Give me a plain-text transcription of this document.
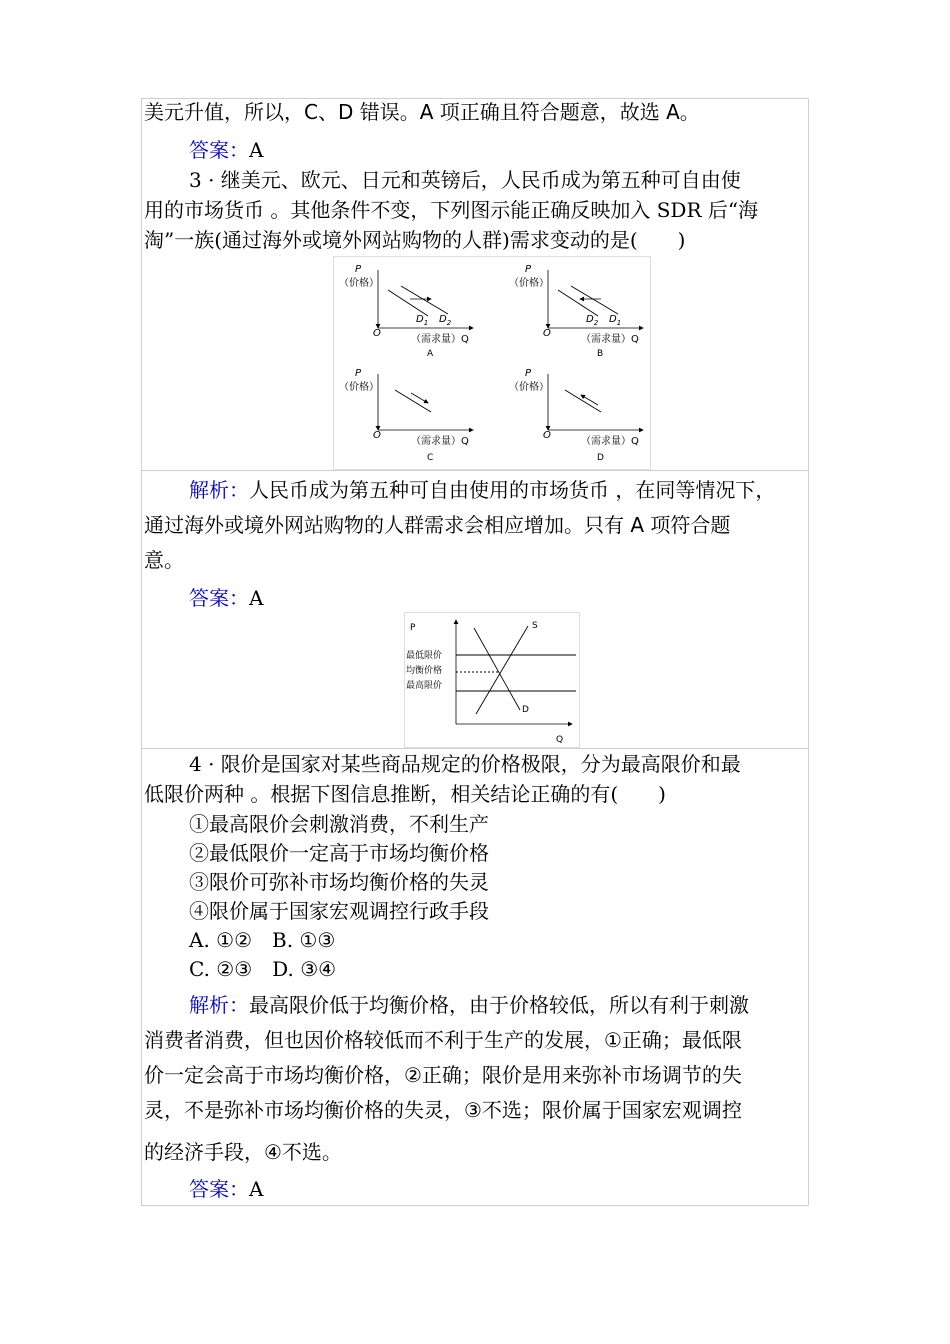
美元升值，所以，C、D 错误。A 项正确且符合题意，故选 A。
答案：A
3 · 继美元、欧元、日元和英镑后，人民币成为第五种可自由使
用的市场货币 。其他条件不变，下列图示能正确反映加入 SDR 后“海
淘”一族(通过海外或境外网站购物的人群)需求变动的是(　　)
P
（价格）
O
（需求量）Q
$D_1$ $D_2$
A
P
（价格）
O
（需求量）Q
$D_2$ $D_1$
B
P
（价格）
O
（需求量）Q
C
P
（价格）
O
（需求量）Q
D
解析：人民币成为第五种可自由使用的市场货币 ，在同等情况下，
通过海外或境外网站购物的人群需求会相应增加。只有 A 项符合题
意。
答案：A
P	S
D
Q
最低限价
均衡价格
最高限价
4 · 限价是国家对某些商品规定的价格极限，分为最高限价和最
低限价两种 。根据下图信息推断，相关结论正确的有(　　)
①最高限价会刺激消费，不利生产
②最低限价一定高于市场均衡价格
③限价可弥补市场均衡价格的失灵
④限价属于国家宏观调控行政手段
A. ①②　B. ①③
C. ②③　D. ③④
解析：最高限价低于均衡价格，由于价格较低，所以有利于刺激
消费者消费，但也因价格较低而不利于生产的发展，①正确；最低限
价一定会高于市场均衡价格，②正确；限价是用来弥补市场调节的失
灵，不是弥补市场均衡价格的失灵，③不选；限价属于国家宏观调控
的经济手段，④不选。
答案：A
